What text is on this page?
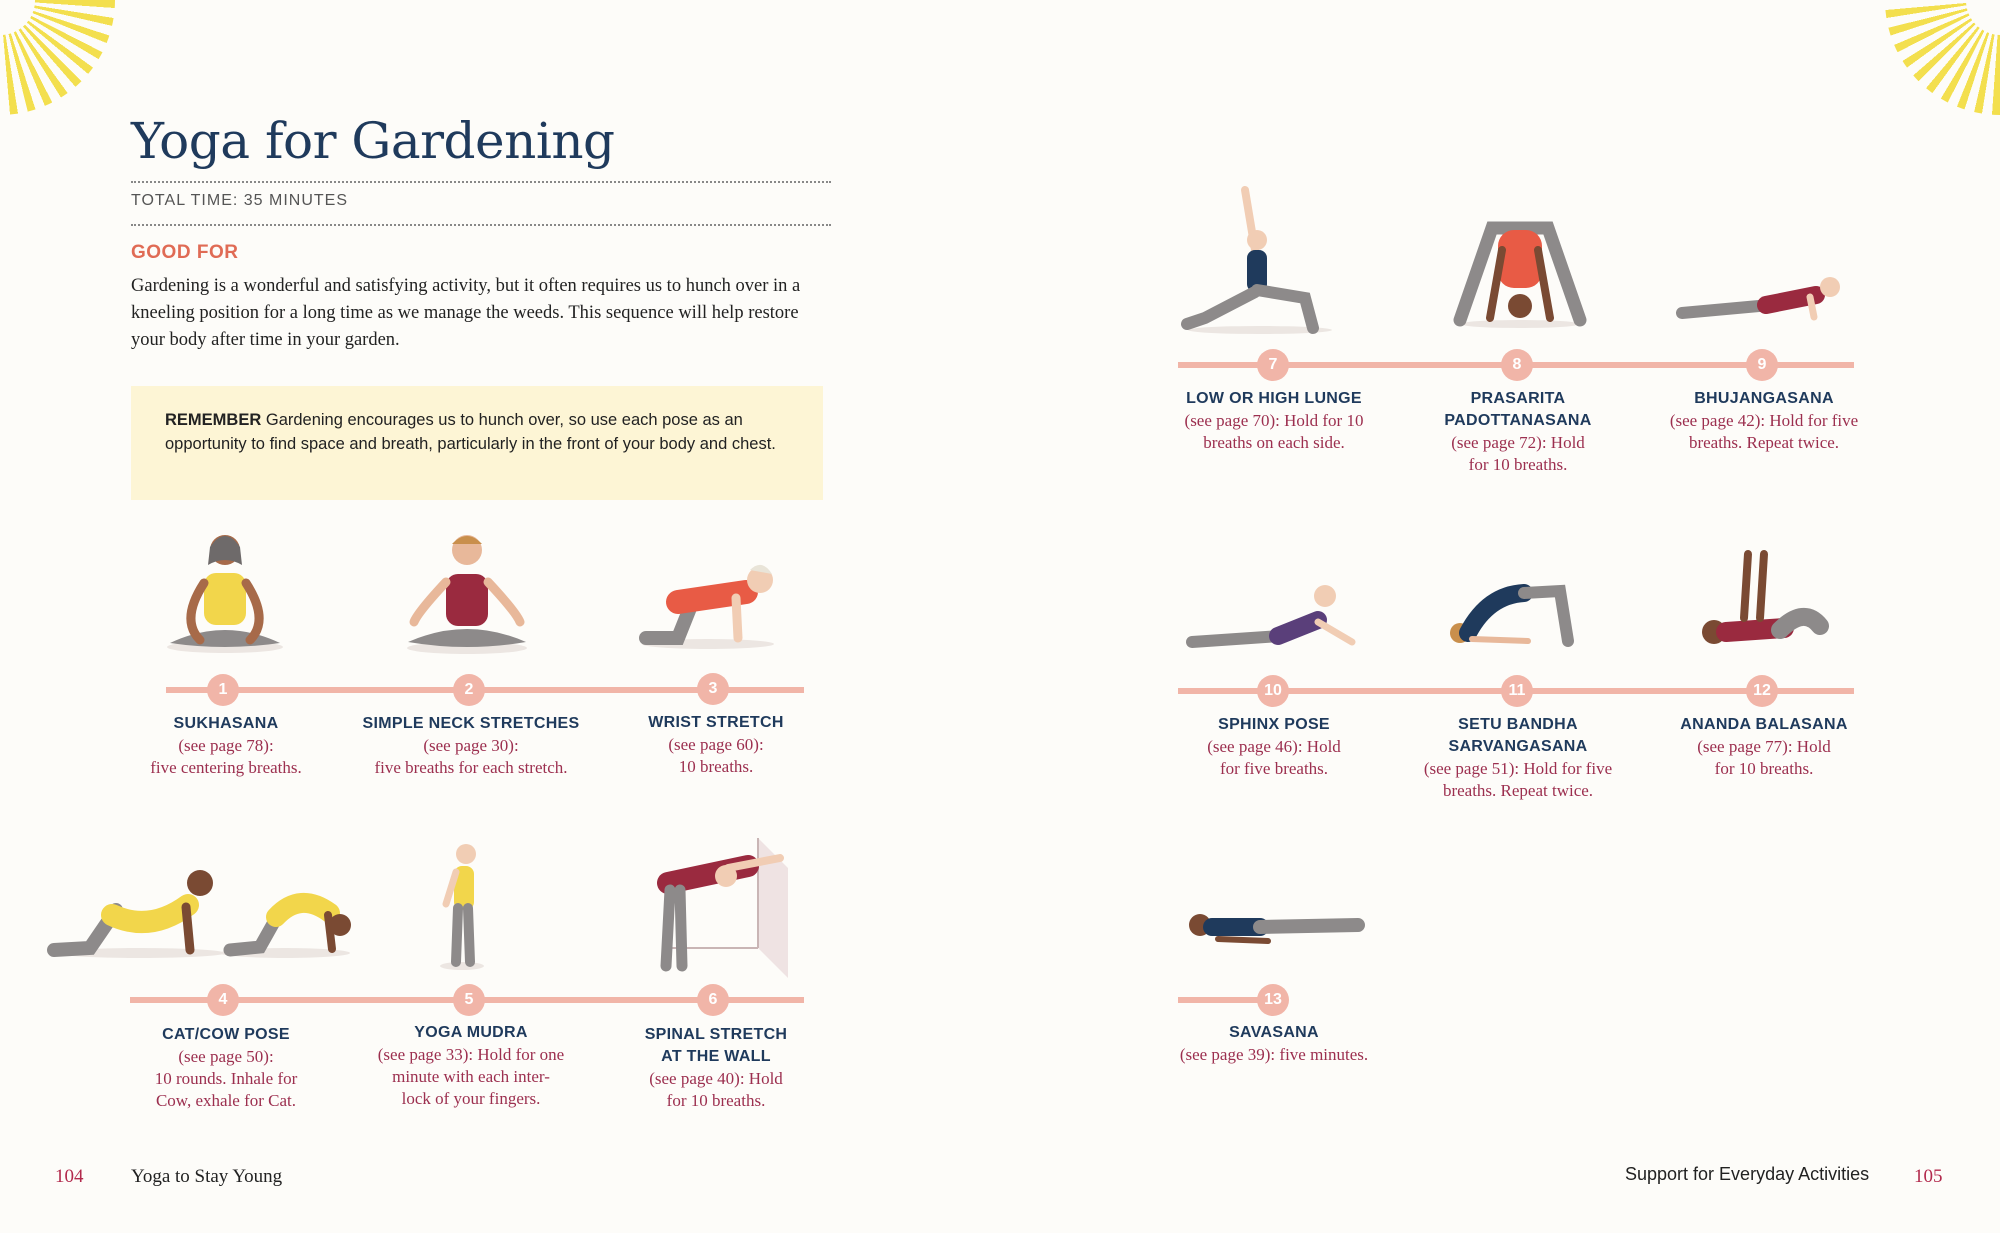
Yoga for Gardening
TOTAL TIME: 35 MINUTES
GOOD FOR
Gardening is a wonderful and satisfying activity, but it often requires us to hunch over in a kneeling position for a long time as we manage the weeds. This sequence will help restore your body after time in your garden.
REMEMBER Gardening encourages us to hunch over, so use each pose as an opportunity to find space and breath, particularly in the front of your body and chest.
1	2	3
4	5	6
7	8	9
10	11	12
13
SUKHASANA
(see page 78):
five centering breaths.
SIMPLE NECK STRETCHES
(see page 30):
five breaths for each stretch.
WRIST STRETCH
(see page 60):
10 breaths.
CAT/COW POSE
(see page 50):
10 rounds. Inhale for
Cow, exhale for Cat.
YOGA MUDRA
(see page 33): Hold for one
minute with each inter-
lock of your fingers.
SPINAL STRETCH
AT THE WALL
(see page 40): Hold
for 10 breaths.
LOW OR HIGH LUNGE
(see page 70): Hold for 10
breaths on each side.
PRASARITA
PADOTTANASANA
(see page 72): Hold
for 10 breaths.
BHUJANGASANA
(see page 42): Hold for five
breaths. Repeat twice.
SPHINX POSE
(see page 46): Hold
for five breaths.
SETU BANDHA
SARVANGASANA
(see page 51): Hold for five
breaths. Repeat twice.
ANANDA BALASANA
(see page 77): Hold
for 10 breaths.
SAVASANA
(see page 39): five minutes.
104	Yoga to Stay Young	Support for Everyday Activities 105
